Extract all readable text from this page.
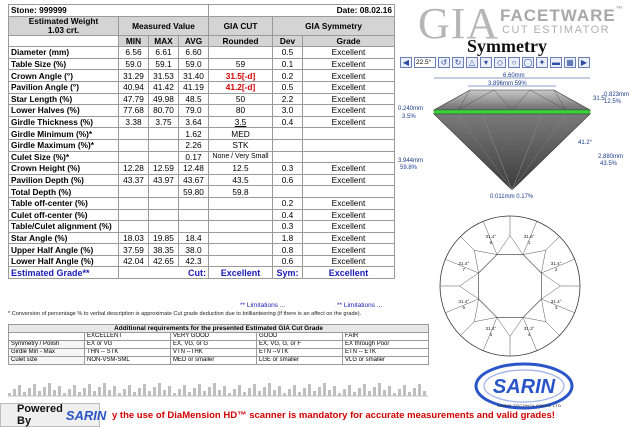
Stone: 999999				Date: 08.02.16		
Estimated Weight
1.03 crt.	Measured Value			GIA CUT	GIA Symmetry	
	MIN	MAX	AVG	Rounded	Dev	Grade
Diameter (mm)	6.56	6.61	6.60		0.5	Excellent
Table Size (%)	59.0	59.1	59.0	59	0.1	Excellent
Crown Angle (°)	31.29	31.53	31.40	31.5[-d]	0.2	Excellent
Pavilion Angle (°)	40.94	41.42	41.19	41.2[-d]	0.5	Excellent
Star Length (%)	47.79	49.98	48.5	50	2.2	Excellent
Lower Halves (%)	77.68	80.70	79.0	80	3.0	Excellent
Girdle Thickness (%)	3.38	3.75	3.64	3.5	0.4	Excellent
Girdle Minimum (%)*			1.62	MED		
Girdle Maximum (%)*			2.26	STK		
Culet Size (%)*			0.17	None / Very Small		
Crown Height (%)	12.28	12.59	12.48	12.5	0.3	Excellent
Pavilion Depth (%)	43.37	43.97	43.67	43.5	0.6	Excellent
Total Depth (%)			59.80	59.8		
Table off-center (%)					0.2	Excellent
Culet off-center (%)					0.4	Excellent
Table/Culet alignment (%)					0.3	Excellent
Star Angle (%)	18.03	19.85	18.4		1.8	Excellent
Upper Half Angle (%)	37.59	38.35	38.0		0.8	Excellent
Lower Half Angle (%)	42.04	42.65	42.3		0.6	Excellent
Estimated Grade**	Cut:			Excellent	Sym:	Excellent
** Limitations ...	** Limitations ...
* Conversion of percentage % to verbal description is approximate Cut grade deduction due to brillianteering (if there is an affect on the grade).
Additional requirements for the presented Estimated GIA Cut Grade				
	EXCELLENT	VERY GOOD	GOOD	FAIR
Symmetry / Polish	EX or VG	EX, VG, or G	EX, VG, G, or F	EX through Poor
Girdle Min - Max	THN -- STK	VTN --THK	ETN --VTK	ETN -- ETK
Culet size	NON-VSM-SML	MED or smaller	LGE or smaller	VLG or smaller
GIA FACETWARE™
CUT ESTIMATOR
Symmetry
◀	22.5°	↺ ↻ △	▾	◇	○ ◯ ✦ ▬ ▦ ▶
6.60mm
3.896mm 59%
31.5°
0.823mm
12.5%
0.240mm
3.5%
41.2°
3.944mm
59.8%
2.880mm
43.5%
0.011mm 0.17%
31.5°
1
31.4°
2
31.4°
3
31.3°
4
31.4°
5
31.4°
6
31.4°
7
31.4°
8
SARIN
SARIN TECHNOLOGIES LTD.
Powered By	SARIN y the use of DiaMension HD™ scanner is mandatory for accurate measurements and valid grades!
